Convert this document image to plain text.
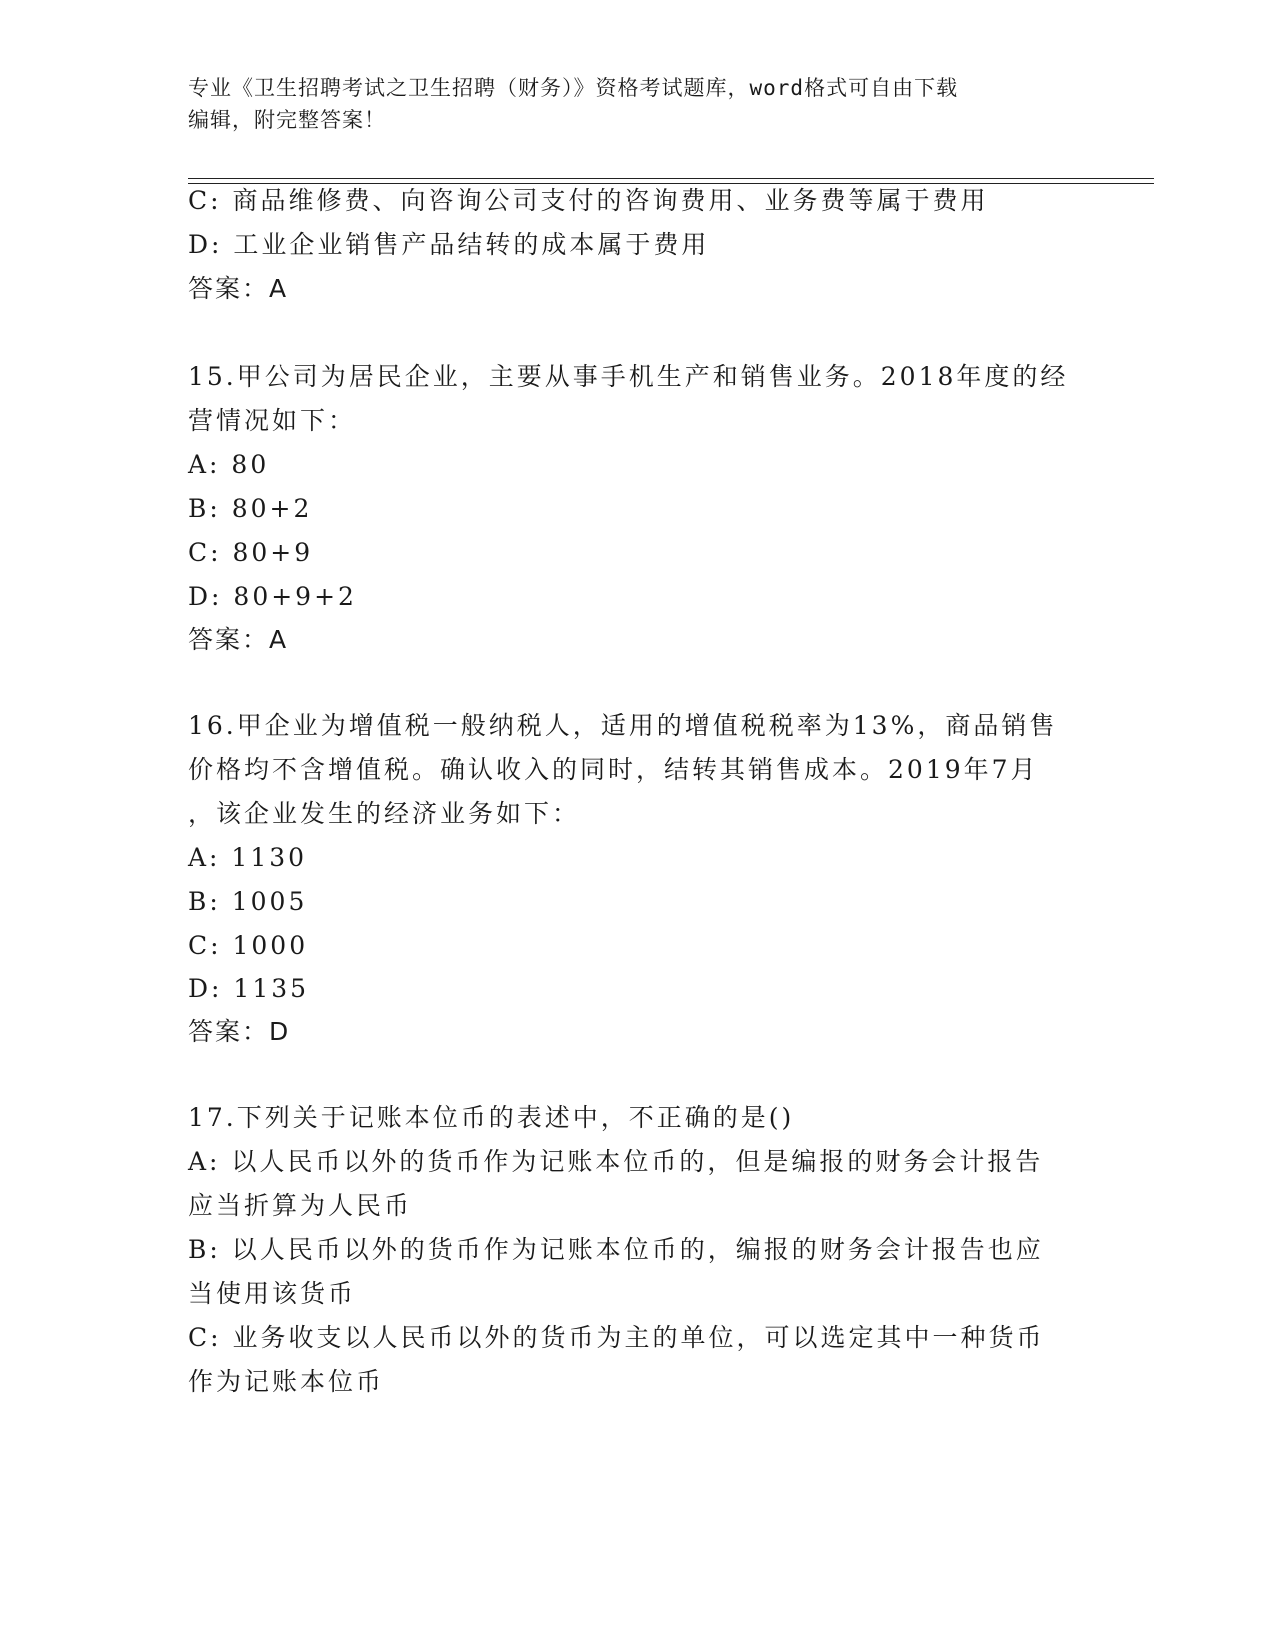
专业《卫生招聘考试之卫生招聘（财务）》资格考试题库，word格式可自由下载

编辑，附完整答案！

C: 商品维修费、向咨询公司支付的咨询费用、业务费等属于费用
D: 工业企业销售产品结转的成本属于费用
答案：A
15.甲公司为居民企业，主要从事手机生产和销售业务。2018年度的经
营情况如下：
A: 80
B: 80+2
C: 80+9
D: 80+9+2
答案：A
16.甲企业为增值税一般纳税人，适用的增值税税率为13%，商品销售
价格均不含增值税。确认收入的同时，结转其销售成本。2019年7月
，该企业发生的经济业务如下：
A: 1130
B: 1005
C: 1000
D: 1135
答案：D
17.下列关于记账本位币的表述中，不正确的是()
A: 以人民币以外的货币作为记账本位币的，但是编报的财务会计报告
应当折算为人民币
B: 以人民币以外的货币作为记账本位币的，编报的财务会计报告也应
当使用该货币
C: 业务收支以人民币以外的货币为主的单位，可以选定其中一种货币
作为记账本位币
